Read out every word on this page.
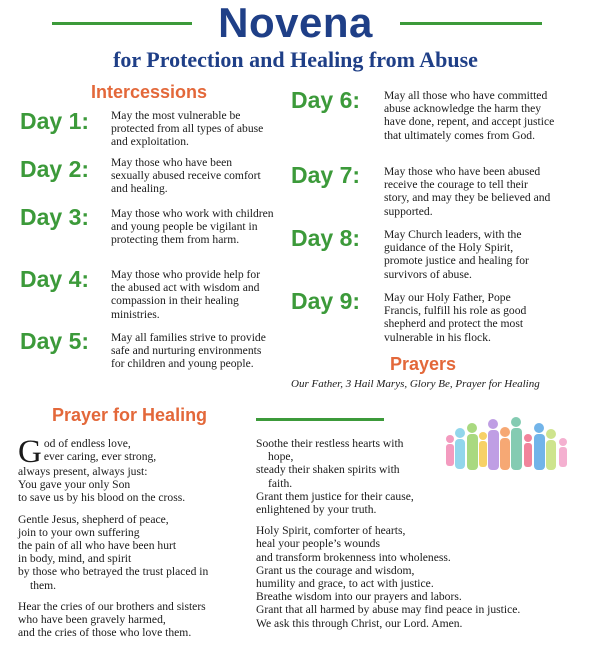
Novena
for Protection and Healing from Abuse
Intercessions
Day 1: May the most vulnerable be protected from all types of abuse and exploitation.
Day 2: May those who have been sexually abused receive comfort and healing.
Day 3: May those who work with children and young people be vigilant in protecting them from harm.
Day 4: May those who provide help for the abused act with wisdom and compassion in their healing ministries.
Day 5: May all families strive to provide safe and nurturing environments for children and young people.
Day 6: May all those who have committed abuse acknowledge the harm they have done, repent, and accept justice that ultimately comes from God.
Day 7: May those who have been abused receive the courage to tell their story, and may they be believed and supported.
Day 8: May Church leaders, with the guidance of the Holy Spirit, promote justice and healing for survivors of abuse.
Day 9: May our Holy Father, Pope Francis, fulfill his role as good shepherd and protect the most vulnerable in his flock.
Prayers
Our Father, 3 Hail Marys, Glory Be, Prayer for Healing
Prayer for Healing
G od of endless love,
ever caring, ever strong,
always present, always just:
You gave your only Son
to save us by his blood on the cross.
Gentle Jesus, shepherd of peace,
join to your own suffering
the pain of all who have been hurt
in body, mind, and spirit
by those who betrayed the trust placed in
them.
Hear the cries of our brothers and sisters
who have been gravely harmed,
and the cries of those who love them.
Soothe their restless hearts with
hope,
steady their shaken spirits with
faith.
Grant them justice for their cause,
enlightened by your truth.
Holy Spirit, comforter of hearts,
heal your people’s wounds
and transform brokenness into wholeness.
Grant us the courage and wisdom,
humility and grace, to act with justice.
Breathe wisdom into our prayers and labors.
Grant that all harmed by abuse may find peace in justice.
We ask this through Christ, our Lord. Amen.
